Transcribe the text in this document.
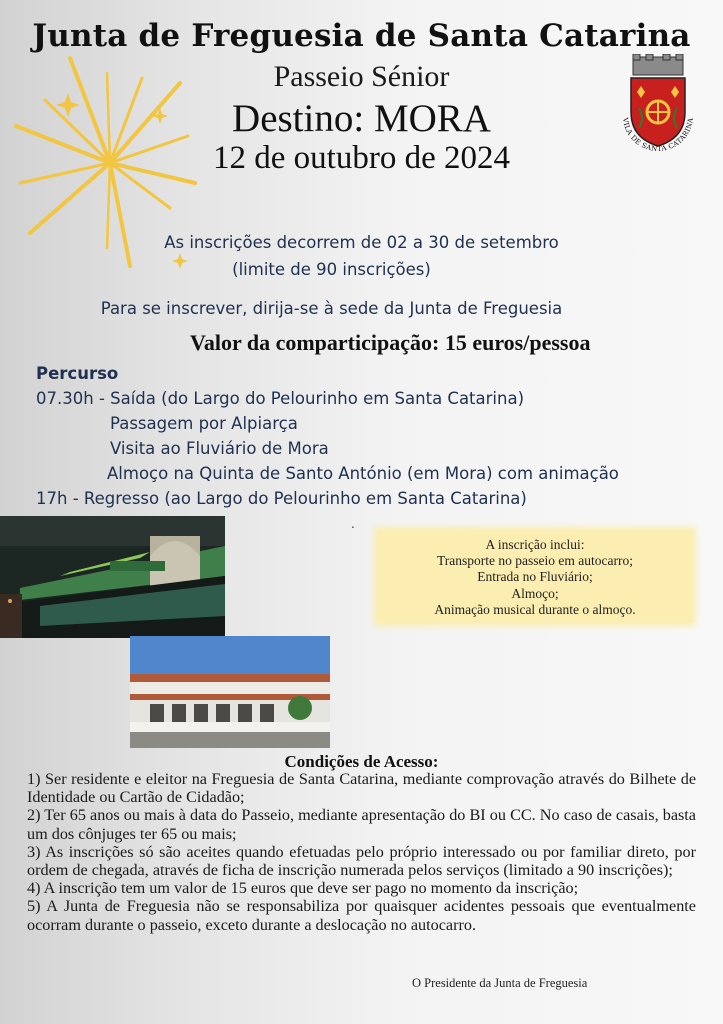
VILA DE SANTA CATARINA
Junta de Freguesia de Santa Catarina
Passeio Sénior
Destino: MORA
12 de outubro de 2024
As inscrições decorrem de 02 a 30 de setembro
(limite de 90 inscrições)
Para se inscrever, dirija-se à sede da Junta de Freguesia
Valor da comparticipação: 15 euros/pessoa
Percurso
07.30h - Saída (do Largo do Pelourinho em Santa Catarina)
Passagem por Alpiarça
Visita ao Fluviário de Mora
Almoço na Quinta de Santo António (em Mora) com animação
17h - Regresso (ao Largo do Pelourinho em Santa Catarina)
.
A inscrição inclui:
Transporte no passeio em autocarro;
Entrada no Fluviário;
Almoço;
Animação musical durante o almoço.
Condições de Acesso:

1) Ser residente e eleitor na Freguesia de Santa Catarina, mediante comprovação através do Bilhete de Identidade ou Cartão de Cidadão;

2) Ter 65 anos ou mais à data do Passeio, mediante apresentação do BI ou CC. No caso de casais, basta um dos cônjuges ter 65 ou mais;

3) As inscrições só são aceites quando efetuadas pelo próprio interessado ou por familiar direto, por ordem de chegada, através de ficha de inscrição numerada pelos serviços (limitado a 90 inscrições);

4) A inscrição tem um valor de 15 euros que deve ser pago no momento da inscrição;

5) A Junta de Freguesia não se responsabiliza por quaisquer acidentes pessoais que eventualmente ocorram durante o passeio, exceto durante a deslocação no autocarro.

O Presidente da Junta de Freguesia
